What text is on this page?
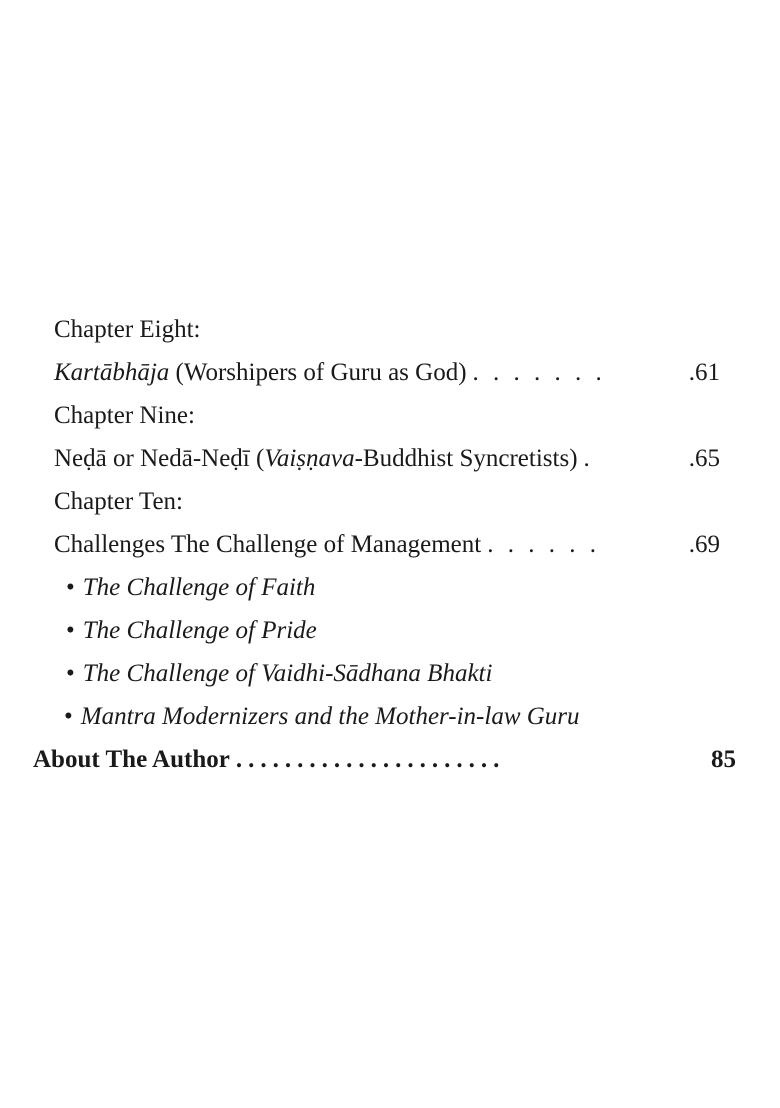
Chapter Eight:
Kartābhāja (Worshipers of Guru as God) . . . . . . .	.61
Chapter Nine:
Neḍā or Nedā-Neḍī ( Vaiṣṇava -Buddhist Syncretists) .	.65
Chapter Ten:
Challenges The Challenge of Management . . . . . .	.69
• The Challenge of Faith
• The Challenge of Pride
• The Challenge of Vaidhi-Sādhana Bhakti
• Mantra Modernizers and the Mother-in-law Guru
About The Author ......................	85
